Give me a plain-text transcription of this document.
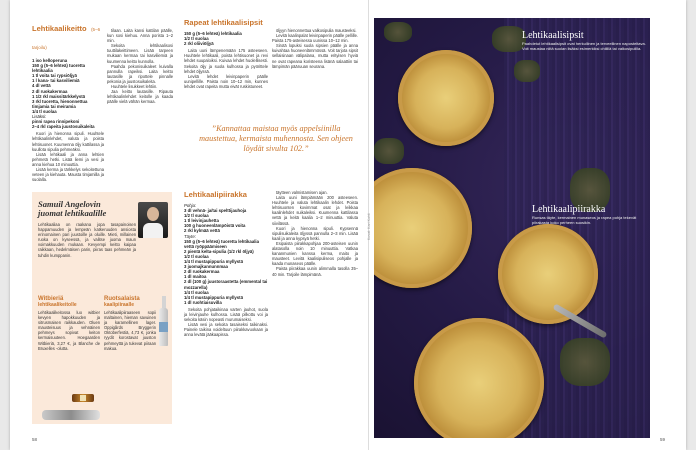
Lehtikaalikeitto (5–6 tarjoilu)
1 iso kelloperuna
150 g (5–6 lehteä) tuoretta lehtikaalia
1 tl voita tai rypsiöljyä
1 l kana- tai kasviliemiä
4 dl vettä
2 dl ruokakermaa
1 1/2 rkl maissitärkkelystä
3 rkl tuoretta, hienonnettua timjamia tai meiramia
1/4 tl suolaa
Lisäksi:
pinni rapea rinnipekoni
2–4 rkl rapeita juustosuikaleita

Kuori ja hienonna sipuli. Huuhtele lehtikaalinlehdet, valuta ja poista lehtisuonet. Kuumenna öljy kattilassa ja kuullota sipulia pehmeäksi.

Lisää lehtikaali ja anna lehtien pehmetä hetki. Lisää liemi ja vesi ja anna kiehua 10 minuuttia.

Lisää kerma ja tärkkelys sekoitettuna veteen ja kiehauta. Mausta timjamilla ja suolalla.

tilaan. Laita kansi kattilan päälle, kun sosi kiehuu. Anna porista 1–2 min.

Sekoita lehtikaalisosi tuuttilakeittimeen. Lisää tarpeen mukaan kermaa tai kasviliemiä ja kuumenna keitto kunnolla.

Paahda pekonisuikaleet kuivalla pannulla rapeiksi. Laita keitto lautasille ja ripottele pinnalle pekonia ja juustosuikaleita.

Huuhtele lisukkeet lehtiin.

Jaa keitto lautasille. Ripauta lehtikaalinlehdet keitolle ja kaada päälle vielä vähän kermaa.

Samuil Angelovin
juomat lehtikaalille
Lehtikaaliaa on raakana jopa tasapainoisen happamuuden ja lempeän katkeruuden ansiosta erinomainen pari juustoille ja oluille. Mieti, millainen ruoka on kyseessä, ja valitse juoma maun voimakkuuden mukaan. Kevyempi keitto kaipaa raikkaan, hedelmäisen parin, piiras taas pehmeän ja tuhdin kumppanin.
Witbieriä
lehtikaalikeitolle
Lehtikaalikeitossa luo witbier kevyen hapokkuuden ja sitrusmaisen raikkauden. Oluen mausteisuus ja vehnäinen pehmeys sopivat keiton kermaisuuteen. Hoegaarden Witbieriä, 3,27 €, ja Blanche de Bruxelles -olutta.
Ruotsalaista
kaalipiiraalle
Lehtikaalipiiraaseen sopii maltainen, hieman savuinen ja karamellinen lager. Oppigårds Bryggerin Oktoberfestiä, 4,73 €, jonka ryydit korostavat juuston pehmeyttä ja tukevat piiraan makua.
58
Rapeat lehtikaalisipsit
150 g (5–6 lehteä) lehtikaalia
1/2 tl suolaa
2 rkl oliiviöljyä

Laita uuni lämpenemään 175 asteeseen. Huuhtele lehtikaali, poista lehtisuonet ja revi lehdet suupaloiksi. Kuivaa lehdet huolellisesti. Sekoita öljy ja suola kulhossa ja pyörittele lehdet öljyssä.

Levitä lehdet leivinpaperin päälle uunipellille. Paista noin 10–12 min, kunnes lehdet ovat rapeita mutta eivät ruskistuneet.

öljyyn hienonnettua valkosipulia mausteeksi.

Levitä kaalinpalat leivinpaperin päälle pellille. Paista 175-asteisessa uunissa 10–12 min.

Sirotä lopuksi suola sipsien päälle ja anna kuivahtaa huoneenlämmössä. Voit tarjota sipsit sellaisinaan välipalana, mutta erityisen hyviä ne ovat rapeana koristeena lisänä salaattiin tai lämpimän pääruuan seurana.

”Kannattaa maistaa myös appelsiinilla maustettua, kermaista muhennosta. Sen ohjeen löydät sivulta 102.”
Lehtikaalipiirakka
Pohja:
3 dl vehnä- ja/tai spelttijauhoja
1/2 tl suolaa
1 tl leivinjauhetta
100 g huoneenlämpöistä voita
2 rkl kylmää vettä
Täyte:
150 g (5–6 lehteä) tuoretta lehtikaalia
vettä ryöppäämiseen
2 pientä kelta-sipulia (1/2 rkl öljyä)
1/2 tl suolaa
1/4 tl mustapippuria myllystä
3 juomajkannunnmaa
2 dl ruokakermaa
1 dl maitoa
2 dl (100 g) juustoraastetta (emmental tai mozzarella)
1/4 tl suolaa
1/4 tl mustapippuria myllystä
1 dl ruohtiaisuvilla

Sekoita pohjataikinaa varten jauhot, suola ja leivinjauhe kulhossa. Lisää pilkottu voi ja sekoita käsin nopeasti murumaiseksi.

Lisää vesi ja sekoita tasaiseksi taikinaksi. Painele taikina voideltuun piirakkavuokaan ja anna levätä jääkaapissa.

täytteen valmistamisen ajan.

Laita uuni lämpiämään 200 asteeseen. Huuhtele ja valuta lehtikaalin lehdet. Poista lehtisuonten kovimmat osat ja leikkaa kaalinlehdet suikaleiksi. Kuumenna kattilassa vettä ja keitä kaalia 1–2 minuuttia. Valuta siivilässä.

Kuori ja hienonna sipuli. Kypsennä sipulisuikaleita öljyssä pannulla 2–3 min. Lisää kaali ja anna kypsyä hetki.

Esipaista piirakkapohjaa 200-asteisen uunin alatasolla noin 10 minuuttia. Vatkaa kananmunien kanssa kerma, maito ja mausteet. Levitä kaalisipuliseos pohjalle ja kaada munaseos päälle.

Paista piirakkaa uunin alimmalla tasolla 35–40 min. Tarjoile lämpimänä.

Kuvat: Kari Kuhti
Lehtikaalisipsit
Paahdetut lehtikaalisipsit ovat herkullinen ja terveellinen naposteltava. Voit maustaa niitä suolan lisäksi esimerkiksi chilillä tai valkosipulilla.
Lehtikaalipiirakka
Runsas täyte, kermainen munaseos ja rapea pohja tekevät piirakasta koko perheen suosikin.
59
